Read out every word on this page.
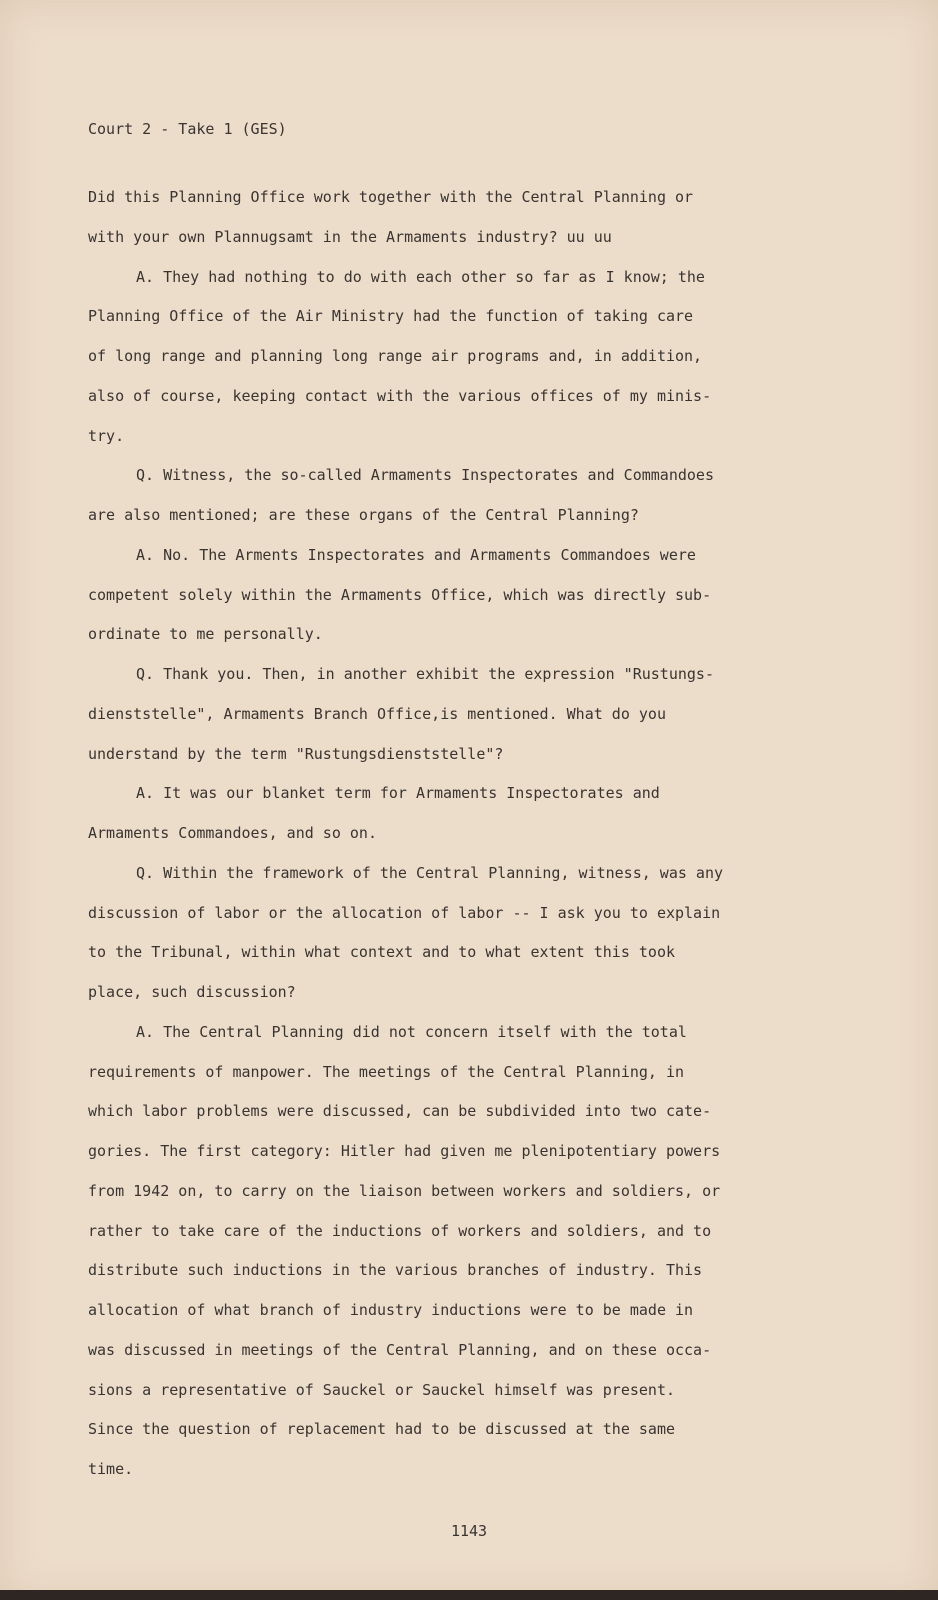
Court 2 - Take 1 (GES)
Did this Planning Office work together with the Central Planning or
with your own Plannugsamt in the Armaments industry? uu uu
A. They had nothing to do with each other so far as I know; the
Planning Office of the Air Ministry had the function of taking care
of long range and planning long range air programs and, in addition,
also of course, keeping contact with the various offices of my minis-
try.
Q. Witness, the so-called Armaments Inspectorates and Commandoes
are also mentioned; are these organs of the Central Planning?
A. No. The Arments Inspectorates and Armaments Commandoes were
competent solely within the Armaments Office, which was directly sub-
ordinate to me personally.
Q. Thank you. Then, in another exhibit the expression "Rustungs-
dienststelle", Armaments Branch Office,is mentioned. What do you
understand by the term "Rustungsdienststelle"?
A. It was our blanket term for Armaments Inspectorates and
Armaments Commandoes, and so on.
Q. Within the framework of the Central Planning, witness, was any
discussion of labor or the allocation of labor -- I ask you to explain
to the Tribunal, within what context and to what extent this took
place, such discussion?
A. The Central Planning did not concern itself with the total
requirements of manpower. The meetings of the Central Planning, in
which labor problems were discussed, can be subdivided into two cate-
gories. The first category: Hitler had given me plenipotentiary powers
from 1942 on, to carry on the liaison between workers and soldiers, or
rather to take care of the inductions of workers and soldiers, and to
distribute such inductions in the various branches of industry. This
allocation of what branch of industry inductions were to be made in
was discussed in meetings of the Central Planning, and on these occa-
sions a representative of Sauckel or Sauckel himself was present.
Since the question of replacement had to be discussed at the same
time.
1143
